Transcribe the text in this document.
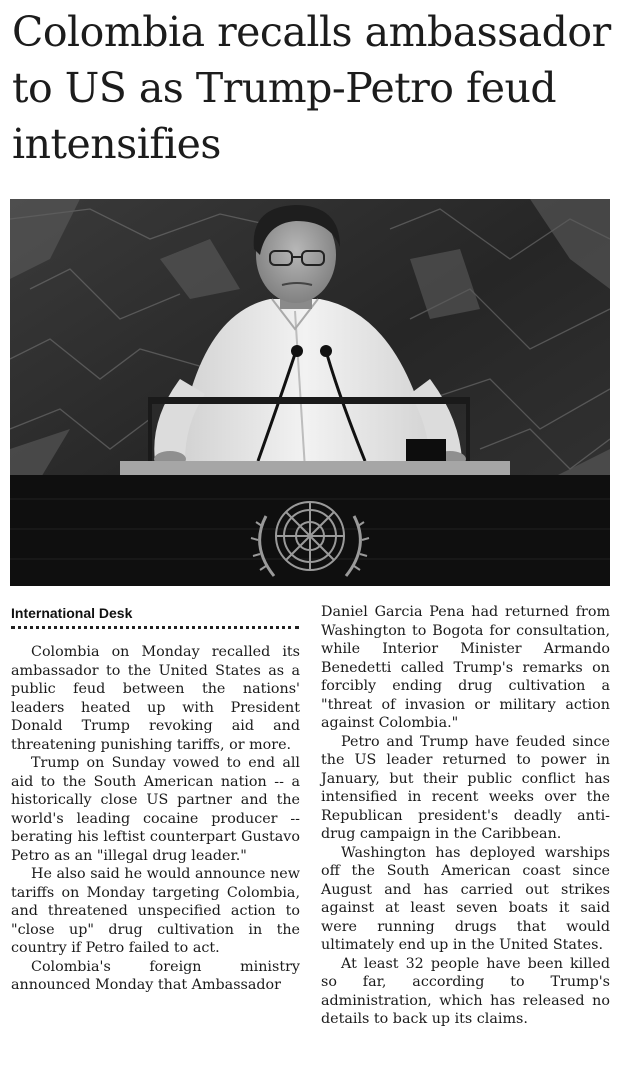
Colombia recalls ambassador to US as Trump-Petro feud intensifies
International Desk

Colombia on Monday recalled its ambassador to the United States as a public feud between the nations' leaders heated up with President Donald Trump revoking aid and threatening punishing tariffs, or more.

Trump on Sunday vowed to end all aid to the South American nation -- a historically close US partner and the world's leading cocaine producer -- berating his leftist counterpart Gustavo Petro as an "illegal drug leader."

He also said he would announce new tariffs on Monday targeting Colombia, and threatened unspecified action to "close up" drug cultivation in the country if Petro failed to act.

Colombia's foreign ministry announced Monday that Ambassador

Daniel Garcia Pena had returned from Washington to Bogota for consultation, while Interior Minister Armando Benedetti called Trump's remarks on forcibly ending drug cultivation a "threat of invasion or military action against Colombia."

Petro and Trump have feuded since the US leader returned to power in January, but their public conflict has intensified in recent weeks over the Republican president's deadly anti-drug campaign in the Caribbean.

Washington has deployed warships off the South American coast since August and has carried out strikes against at least seven boats it said were running drugs that would ultimately end up in the United States.

At least 32 people have been killed so far, according to Trump's administration, which has released no details to back up its claims.
